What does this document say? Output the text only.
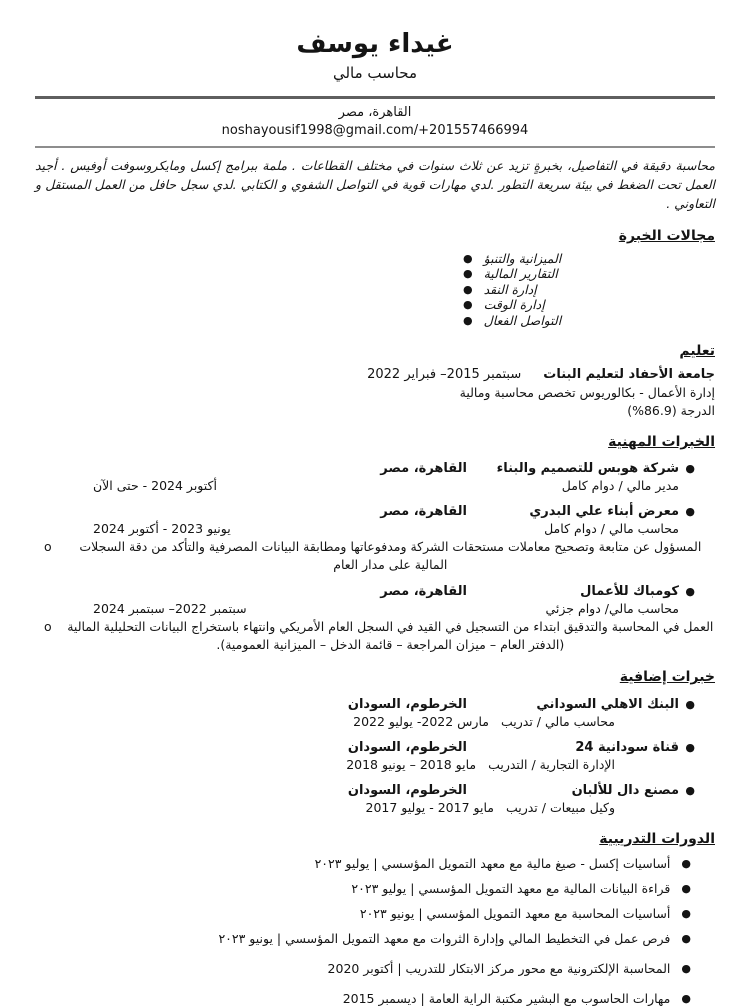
غيداء يوسف
محاسب مالي
القاهرة، مصر
noshayousif1998@gmail.com/+201557466994

محاسبة دقيقة في التفاصيل، بخبرةٍ تزيد عن ثلاث سنوات في مختلف القطاعات . ملمة ببرامج إكسل ومايكروسوفت أوفيس . أجيد العمل تحت الضغط في بيئة سريعة التطور .لدي مهارات قوية في التواصل الشفوي و الكتابي .لدي سجل حافل من العمل المستقل و التعاوني .

مجالات الخبرة
● الميزانية والتنبؤ
● التقارير المالية
● إدارة النقد
● إدارة الوقت
● التواصل الفعال
تعليم
جامعة الأحفاد لتعليم البنات
سبتمبر 2015– فبراير 2022
إدارة الأعمال - بكالوريوس تخصص محاسبة ومالية
الدرجة (86.9%)
الخبرات المهنية
●
شركة هوبس للتصميم والبناء
القاهرة، مصر
مدير مالي / دوام كامل
أكتوبر 2024 - حتى الآن
●
معرض أبناء علي البدري
القاهرة، مصر
محاسب مالي / دوام كامل
يونيو 2023 - أكتوبر 2024
o	المسؤول عن متابعة وتصحيح معاملات مستحقات الشركة ومدفوعاتها ومطابقة البيانات المصرفية والتأكد من دقة السجلات المالية على مدار العام
●
كومباك للأعمال
القاهرة، مصر
محاسب مالي/ دوام جزئي
سبتمبر 2022– سبتمبر 2024
o العمل في المحاسبة والتدقيق ابتداء من التسجيل في القيد في السجل العام الأمريكي وانتهاء باستخراج البيانات التحليلية المالية (الدفتر العام – ميزان المراجعة – قائمة الدخل – الميزانية العمومية).
خبرات إضافية
●
البنك الاهلي السوداني
الخرطوم، السودان
محاسب مالي / تدريب
مارس 2022- يوليو 2022
●
قناة سودانية 24
الخرطوم، السودان
الإدارة التجارية / التدريب
مايو 2018 – يونيو 2018
●
مصنع دال للألبان
الخرطوم، السودان
وكيل مبيعات / تدريب
مايو 2017 - يوليو 2017
الدورات التدريبية
●
أساسيات إكسل - صيغ مالية مع معهد التمويل المؤسسي | يوليو ٢٠٢٣
●
قراءة البيانات المالية مع معهد التمويل المؤسسي | يوليو ٢٠٢٣
●
أساسيات المحاسبة مع معهد التمويل المؤسسي | يونيو ٢٠٢٣
●
فرص عمل في التخطيط المالي وإدارة الثروات مع معهد التمويل المؤسسي | يونيو ٢٠٢٣
●
المحاسبة الإلكترونية مع محور مركز الابتكار للتدريب | أكتوبر 2020
●
مهارات الحاسوب مع البشير مكتبة الراية العامة | ديسمبر 2015
